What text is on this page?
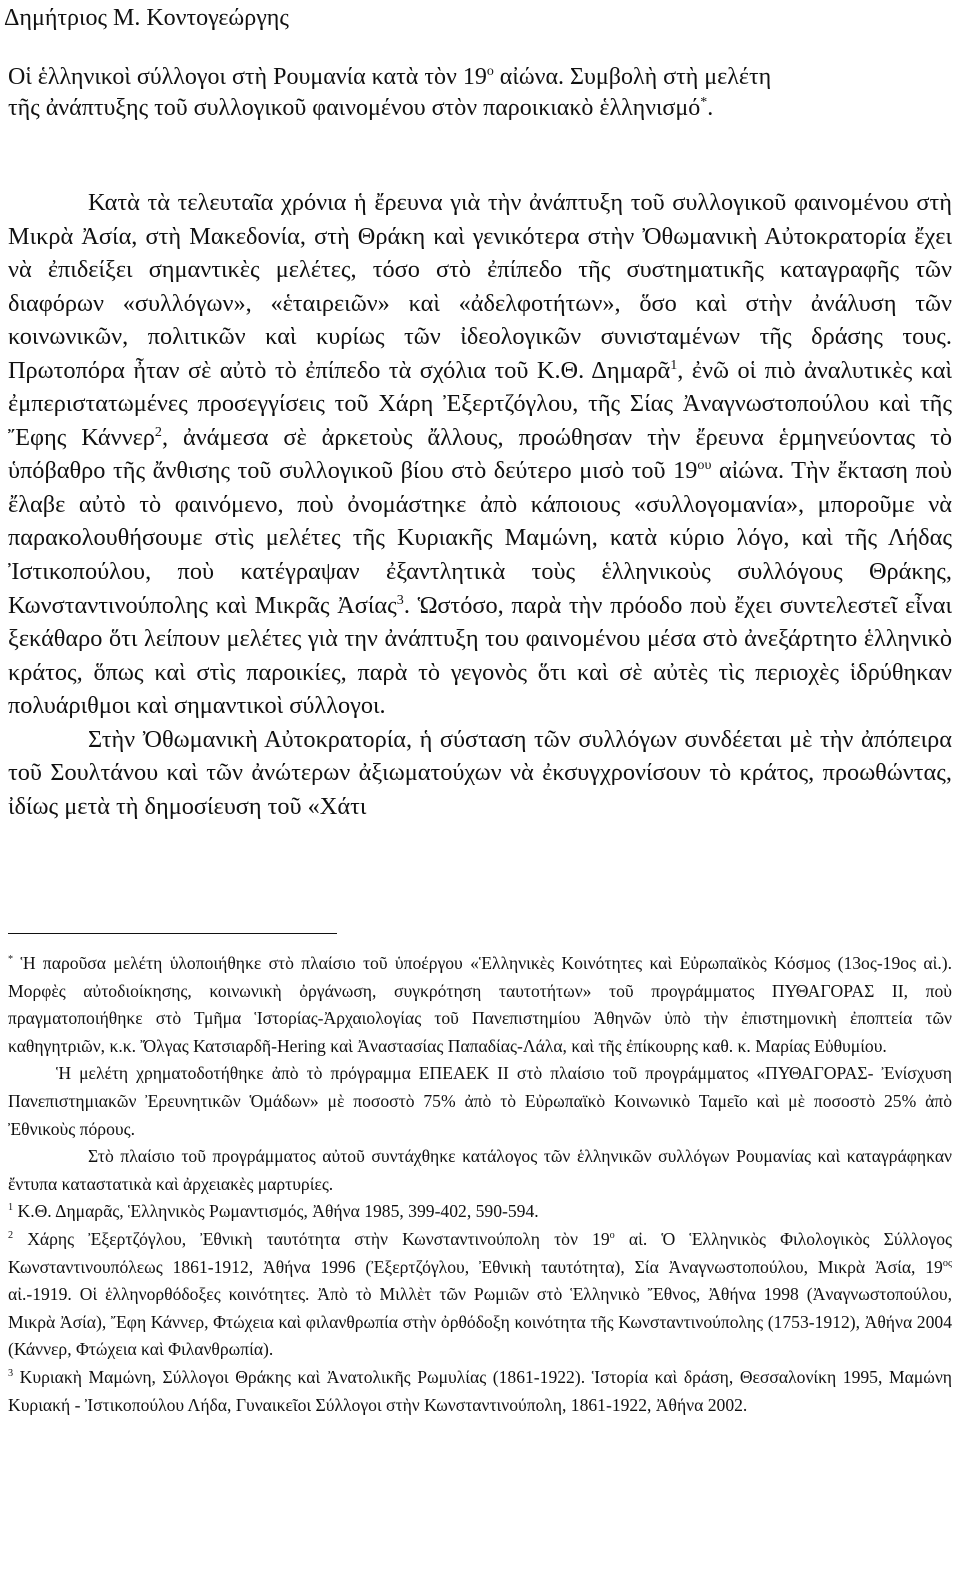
Δημήτριος Μ. Κοντογεώργης
Οἱ ἑλληνικοὶ σύλλογοι στὴ Ρουμανία κατὰ τὸν $19^o$ αἰώνα. Συμβολὴ στὴ μελέτη
τῆς ἀνάπτυξης τοῦ συλλογικοῦ φαινομένου στὸν παροικιακὸ ἑλληνισμό*.

Κατὰ τὰ τελευταῖα χρόνια ἡ ἔρευνα γιὰ τὴν ἀνάπτυξη τοῦ συλλογικοῦ φαινομένου στὴ Μικρὰ Ἀσία, στὴ Μακεδονία, στὴ Θράκη καὶ γενικότερα στὴν Ὀθωμανικὴ Αὐτοκρατορία ἔχει νὰ ἐπιδείξει σημαντικὲς μελέτες, τόσο στὸ ἐπίπεδο τῆς συστηματικῆς καταγραφῆς τῶν διαφόρων «συλλόγων», «ἑταιρειῶν» καὶ «ἀδελφοτήτων», ὅσο καὶ στὴν ἀνάλυση τῶν κοινωνικῶν, πολιτικῶν καὶ κυρίως τῶν ἰδεολογικῶν συνισταμένων τῆς δράσης τους. Πρωτοπόρα ἦταν σὲ αὐτὸ τὸ ἐπίπεδο τὰ σχόλια τοῦ Κ.Θ. Δημαρᾶ$^1$, ἐνῶ οἱ πιὸ ἀναλυτικὲς καὶ ἐμπεριστατωμένες προσεγγίσεις τοῦ Χάρη Ἐξερτζόγλου, τῆς Σίας Ἀναγνωστοπούλου καὶ τῆς Ἔφης Κάννερ$^2$, ἀνάμεσα σὲ ἀρκετοὺς ἄλλους, προώθησαν τὴν ἔρευνα ἑρμηνεύοντας τὸ ὑπόβαθρο τῆς ἄνθισης τοῦ συλλογικοῦ βίου στὸ δεύτερο μισὸ τοῦ $19^{o\upsilon}$ αἰώνα. Τὴν ἔκταση ποὺ ἔλαβε αὐτὸ τὸ φαινόμενο, ποὺ ὀνομάστηκε ἀπὸ κάποιους «συλλογομανία», μποροῦμε νὰ παρακολουθήσουμε στὶς μελέτες τῆς Κυριακῆς Μαμώνη, κατὰ κύριο λόγο, καὶ τῆς Λήδας Ἰστικοπούλου, ποὺ κατέγραψαν ἐξαντλητικὰ τοὺς ἑλληνικοὺς συλλόγους Θράκης, Κωνσταντινούπολης καὶ Μικρᾶς Ἀσίας$^3$. Ὡστόσο, παρὰ τὴν πρόοδο ποὺ ἔχει συντελεστεῖ εἶναι ξεκάθαρο ὅτι λείπουν μελέτες γιὰ την ἀνάπτυξη του φαινομένου μέσα στὸ ἀνεξάρτητο ἑλληνικὸ κράτος, ὅπως καὶ στὶς παροικίες, παρὰ τὸ γεγονὸς ὅτι καὶ σὲ αὐτὲς τὶς περιοχὲς ἱδρύθηκαν πολυάριθμοι καὶ σημαντικοὶ σύλλογοι.

Στὴν Ὀθωμανικὴ Αὐτοκρατορία, ἡ σύσταση τῶν συλλόγων συνδέεται μὲ τὴν ἀπόπειρα τοῦ Σουλτάνου καὶ τῶν ἀνώτερων ἀξιωματούχων νὰ ἐκσυγχρονίσουν τὸ κράτος, προωθώντας, ἰδίως μετὰ τὴ δημοσίευση τοῦ «Χάτι

* Ἡ παροῦσα μελέτη ὑλοποιήθηκε στὸ πλαίσιο τοῦ ὑποέργου «Ἑλληνικὲς Κοινότητες καὶ Εὐρωπαϊκὸς Κόσμος (13ος-19ος αἰ.). Μορφὲς αὐτοδιοίκησης, κοινωνικὴ ὀργάνωση, συγκρότηση ταυτοτήτων» τοῦ προγράμματος ΠΥΘΑΓΟΡΑΣ ΙΙ, ποὺ πραγματοποιήθηκε στὸ Τμῆμα Ἱστορίας-Ἀρχαιολογίας τοῦ Πανεπιστημίου Ἀθηνῶν ὑπὸ τὴν ἐπιστημονικὴ ἐποπτεία τῶν καθηγητριῶν, κ.κ. Ὄλγας Κατσιαρδῆ-Hering καὶ Ἀναστασίας Παπαδίας-Λάλα, καὶ τῆς ἐπίκουρης καθ. κ. Μαρίας Εὐθυμίου.

Ἡ μελέτη χρηματοδοτήθηκε ἀπὸ τὸ πρόγραμμα ΕΠΕΑΕΚ ΙΙ στὸ πλαίσιο τοῦ προγράμματος «ΠΥΘΑΓΟΡΑΣ- Ἐνίσχυση Πανεπιστημιακῶν Ἐρευνητικῶν Ὁμάδων» μὲ ποσοστὸ 75% ἀπὸ τὸ Εὐρωπαϊκὸ Κοινωνικὸ Ταμεῖο καὶ μὲ ποσοστὸ 25% ἀπὸ Ἐθνικοὺς πόρους.

Στὸ πλαίσιο τοῦ προγράμματος αὐτοῦ συντάχθηκε κατάλογος τῶν ἑλληνικῶν συλλόγων Ρουμανίας καὶ καταγράφηκαν ἔντυπα καταστατικὰ καὶ ἀρχειακὲς μαρτυρίες.

$^1$ Κ.Θ. Δημαρᾶς, Ἑλληνικὸς Ρωμαντισμός, Ἀθήνα 1985, 399-402, 590-594.

$^2$ Χάρης Ἐξερτζόγλου, Ἐθνικὴ ταυτότητα στὴν Κωνσταντινούπολη τὸν $19^o$ αἰ. Ὁ Ἑλληνικὸς Φιλολογικὸς Σύλλογος Κωνσταντινουπόλεως 1861-1912, Ἀθήνα 1996 (Ἐξερτζόγλου, Ἐθνικὴ ταυτότητα), Σία Ἀναγνωστοπούλου, Μικρὰ Ἀσία, $19^{o\varsigma}$ αἰ.-1919. Οἱ ἑλληνορθόδοξες κοινότητες. Ἀπὸ τὸ Μιλλὲτ τῶν Ρωμιῶν στὸ Ἑλληνικὸ Ἔθνος, Ἀθήνα 1998 (Ἀναγνωστοπούλου, Μικρὰ Ἀσία), Ἔφη Κάννερ, Φτώχεια καὶ φιλανθρωπία στὴν ὀρθόδοξη κοινότητα τῆς Κωνσταντινούπολης (1753-1912), Ἀθήνα 2004 (Κάννερ, Φτώχεια καὶ Φιλανθρωπία).

$^3$ Κυριακὴ Μαμώνη, Σύλλογοι Θράκης καὶ Ἀνατολικῆς Ρωμυλίας (1861-1922). Ἱστορία καὶ δράση, Θεσσαλονίκη 1995, Μαμώνη Κυριακή - Ἰστικοπούλου Λήδα, Γυναικεῖοι Σύλλογοι στὴν Κωνσταντινούπολη, 1861-1922, Ἀθήνα 2002.
